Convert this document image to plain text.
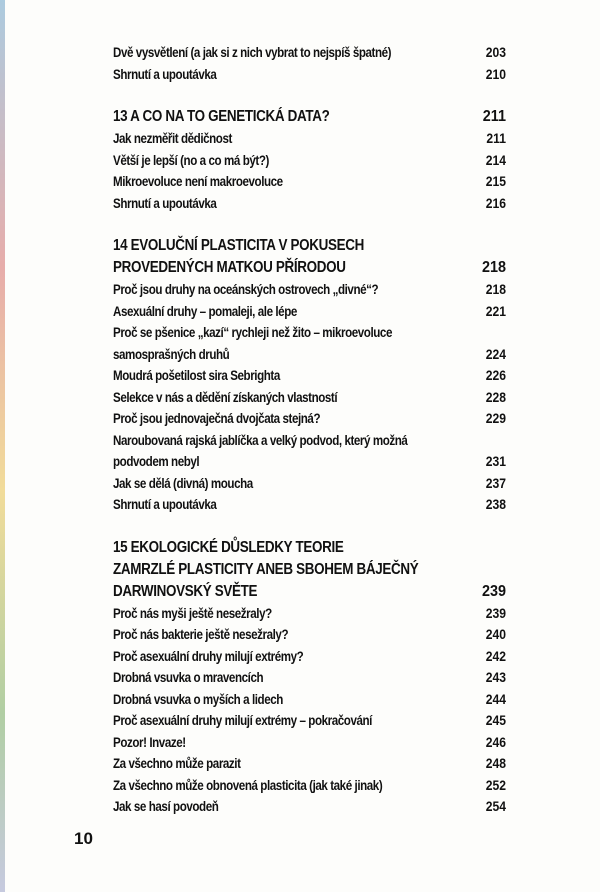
Dvě vysvětlení (a jak si z nich vybrat to nejspíš špatné)	203
Shrnutí a upoutávka	210
13 A CO NA TO GENETICKÁ DATA?	211
Jak nezměřit dědičnost	211
Větší je lepší (no a co má být?)	214
Mikroevoluce není makroevoluce	215
Shrnutí a upoutávka	216
14 EVOLUČNÍ PLASTICITA V POKUSECH
PROVEDENÝCH MATKOU PŘÍRODOU	218
Proč jsou druhy na oceánských ostrovech „divné“?	218
Asexuální druhy – pomaleji, ale lépe	221
Proč se pšenice „kazí“ rychleji než žito – mikroevoluce
samosprašných druhů	224
Moudrá pošetilost sira Sebrighta	226
Selekce v nás a dědění získaných vlastností	228
Proč jsou jednovaječná dvojčata stejná?	229
Naroubovaná rajská jablíčka a velký podvod, který možná
podvodem nebyl	231
Jak se dělá (divná) moucha	237
Shrnutí a upoutávka	238
15 EKOLOGICKÉ DŮSLEDKY TEORIE
ZAMRZLÉ PLASTICITY ANEB SBOHEM BÁJEČNÝ
DARWINOVSKÝ SVĚTE	239
Proč nás myši ještě nesežraly?	239
Proč nás bakterie ještě nesežraly?	240
Proč asexuální druhy milují extrémy?	242
Drobná vsuvka o mravencích	243
Drobná vsuvka o myších a lidech	244
Proč asexuální druhy milují extrémy – pokračování	245
Pozor! Invaze!	246
Za všechno může parazit	248
Za všechno může obnovená plasticita (jak také jinak)	252
Jak se hasí povodeň	254
10
